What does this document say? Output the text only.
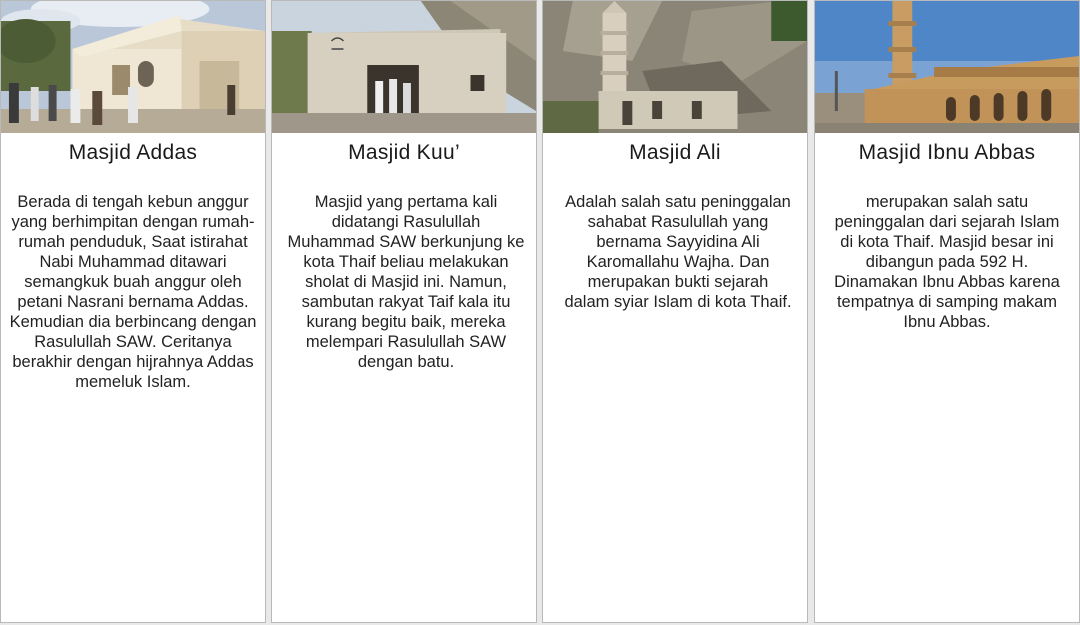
Masjid Addas
Berada di tengah kebun anggur yang berhimpitan dengan rumah-rumah penduduk, Saat istirahat Nabi Muhammad ditawari semangkuk buah anggur oleh petani Nasrani bernama Addas. Kemudian dia berbincang dengan Rasulullah SAW. Ceritanya berakhir dengan hijrahnya Addas memeluk Islam.
Masjid Kuu’
Masjid yang pertama kali didatangi Rasulullah Muhammad SAW berkunjung ke kota Thaif beliau melakukan sholat di Masjid ini. Namun, sambutan rakyat Taif kala itu kurang begitu baik, mereka melempari Rasulullah SAW dengan batu.
Masjid Ali
Adalah salah satu peninggalan sahabat Rasulullah yang bernama Sayyidina Ali Karomallahu Wajha. Dan merupakan bukti sejarah dalam syiar Islam di kota Thaif.
Masjid Ibnu Abbas
merupakan salah satu peninggalan dari sejarah Islam di kota Thaif. Masjid besar ini dibangun pada 592 H. Dinamakan Ibnu Abbas karena tempatnya di samping makam Ibnu Abbas.
